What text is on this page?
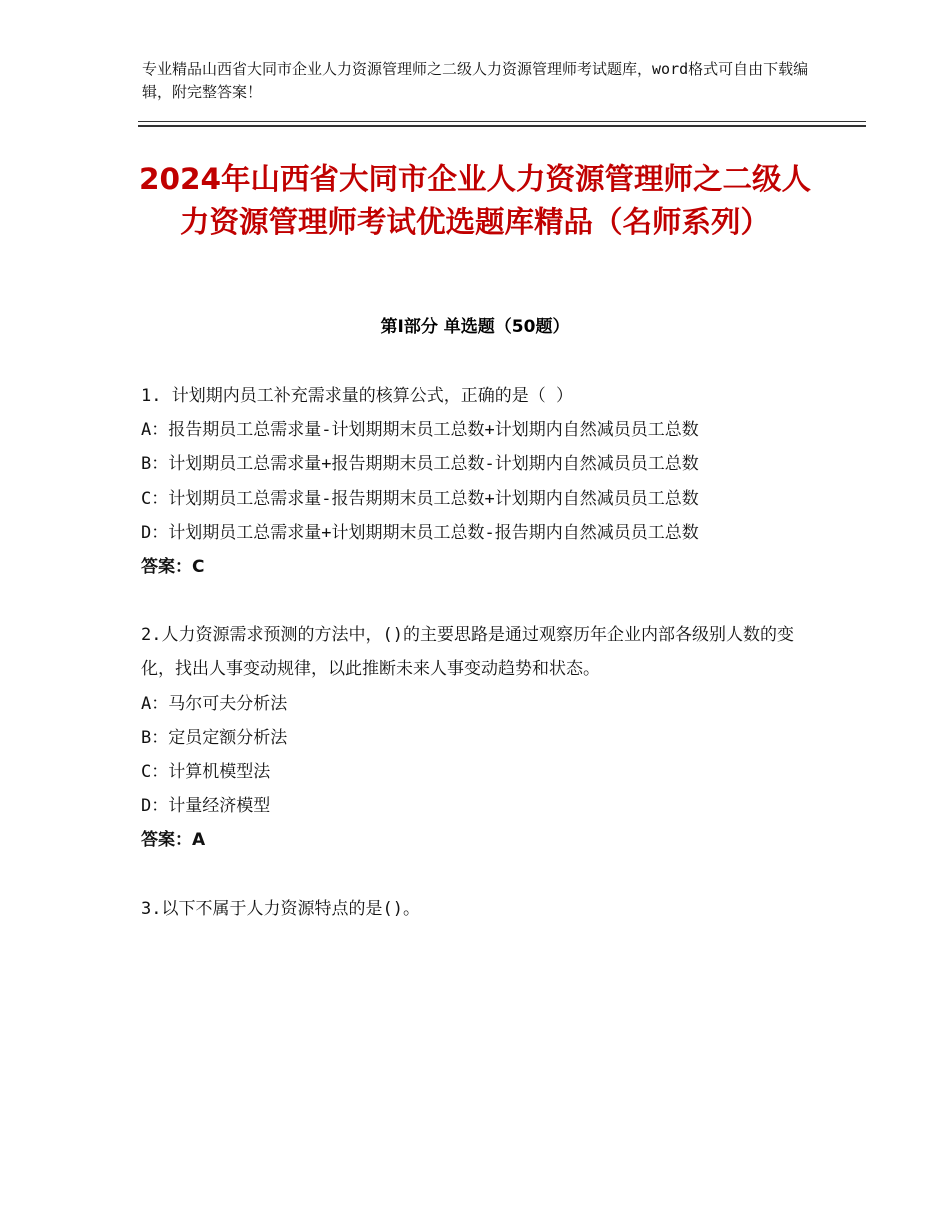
专业精品山西省大同市企业人力资源管理师之二级人力资源管理师考试题库，word格式可自由下载编辑，附完整答案！
2024年山西省大同市企业人力资源管理师之二级人力资源管理师考试优选题库精品（名师系列）
第Ⅰ部分 单选题（50题）

1. 计划期内员工补充需求量的核算公式，正确的是（ ）

A：报告期员工总需求量-计划期期末员工总数+计划期内自然减员员工总数

B：计划期员工总需求量+报告期期末员工总数-计划期内自然减员员工总数

C：计划期员工总需求量-报告期期末员工总数+计划期内自然减员员工总数

D：计划期员工总需求量+计划期期末员工总数-报告期内自然减员员工总数

答案：C

2.人力资源需求预测的方法中，()的主要思路是通过观察历年企业内部各级别人数的变化，找出人事变动规律，以此推断未来人事变动趋势和状态。

A：马尔可夫分析法

B：定员定额分析法

C：计算机模型法

D：计量经济模型

答案：A

3.以下不属于人力资源特点的是()。
